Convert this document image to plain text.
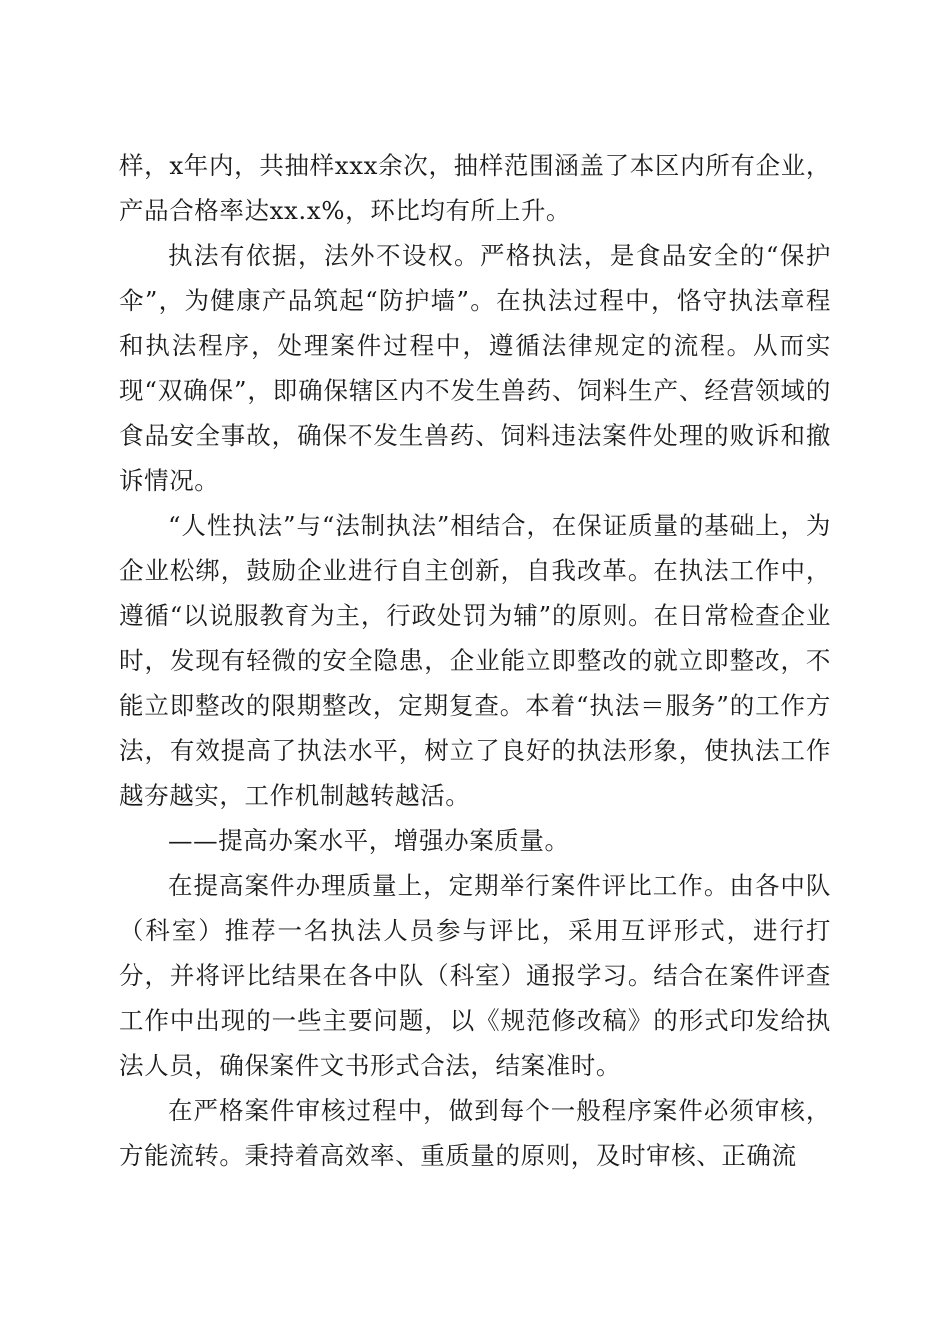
样，x年内，共抽样xxx余次，抽样范围涵盖了本区内所有企业，产品合格率达xx.x%，环比均有所上升。

执法有依据，法外不设权。严格执法，是食品安全的“保护伞”，为健康产品筑起“防护墙”。在执法过程中，恪守执法章程和执法程序，处理案件过程中，遵循法律规定的流程。从而实现“双确保”，即确保辖区内不发生兽药、饲料生产、经营领域的食品安全事故，确保不发生兽药、饲料违法案件处理的败诉和撤诉情况。

“人性执法”与“法制执法”相结合，在保证质量的基础上，为企业松绑，鼓励企业进行自主创新，自我改革。在执法工作中，遵循“以说服教育为主，行政处罚为辅”的原则。在日常检查企业时，发现有轻微的安全隐患，企业能立即整改的就立即整改，不能立即整改的限期整改，定期复查。本着“执法＝服务”的工作方法，有效提高了执法水平，树立了良好的执法形象，使执法工作越夯越实，工作机制越转越活。

——提高办案水平，增强办案质量。

在提高案件办理质量上，定期举行案件评比工作。由各中队（科室）推荐一名执法人员参与评比，采用互评形式，进行打分，并将评比结果在各中队（科室）通报学习。结合在案件评查工作中出现的一些主要问题，以《规范修改稿》的形式印发给执法人员，确保案件文书形式合法，结案准时。

在严格案件审核过程中，做到每个一般程序案件必须审核，方能流转。秉持着高效率、重质量的原则，及时审核、正确流
